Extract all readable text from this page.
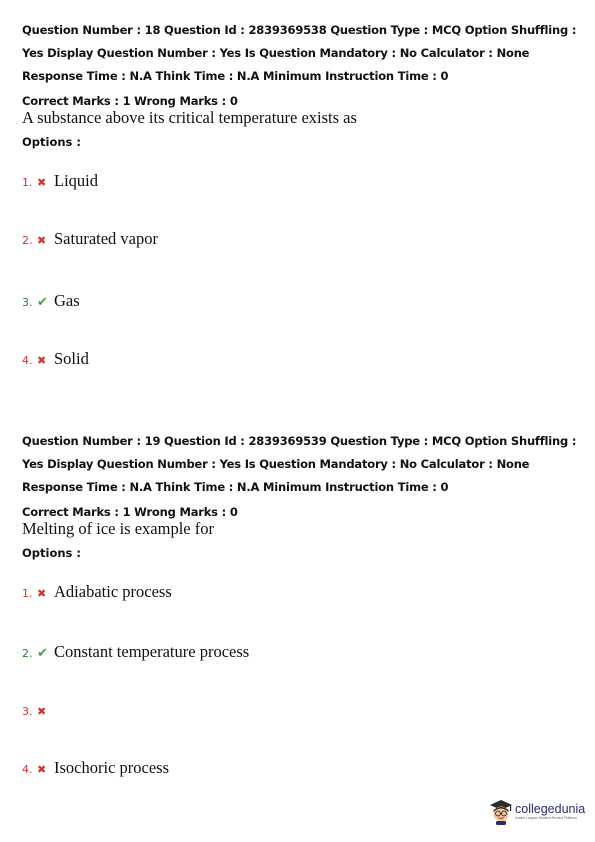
Question Number : 18 Question Id : 2839369538 Question Type : MCQ Option Shuffling : Yes Display Question Number : Yes Is Question Mandatory : No Calculator : None Response Time : N.A Think Time : N.A Minimum Instruction Time : 0
Correct Marks : 1 Wrong Marks : 0
A substance above its critical temperature exists as
Options :
1. ✖ Liquid
2. ✖ Saturated vapor
3. ✔ Gas
4. ✖ Solid
Question Number : 19 Question Id : 2839369539 Question Type : MCQ Option Shuffling : Yes Display Question Number : Yes Is Question Mandatory : No Calculator : None Response Time : N.A Think Time : N.A Minimum Instruction Time : 0
Correct Marks : 1 Wrong Marks : 0
Melting of ice is example for
Options :
1. ✖ Adiabatic process
2. ✔ Constant temperature process
3. ✖
4. ✖ Isochoric process
collegedunia
India's Largest Student Review Platform
